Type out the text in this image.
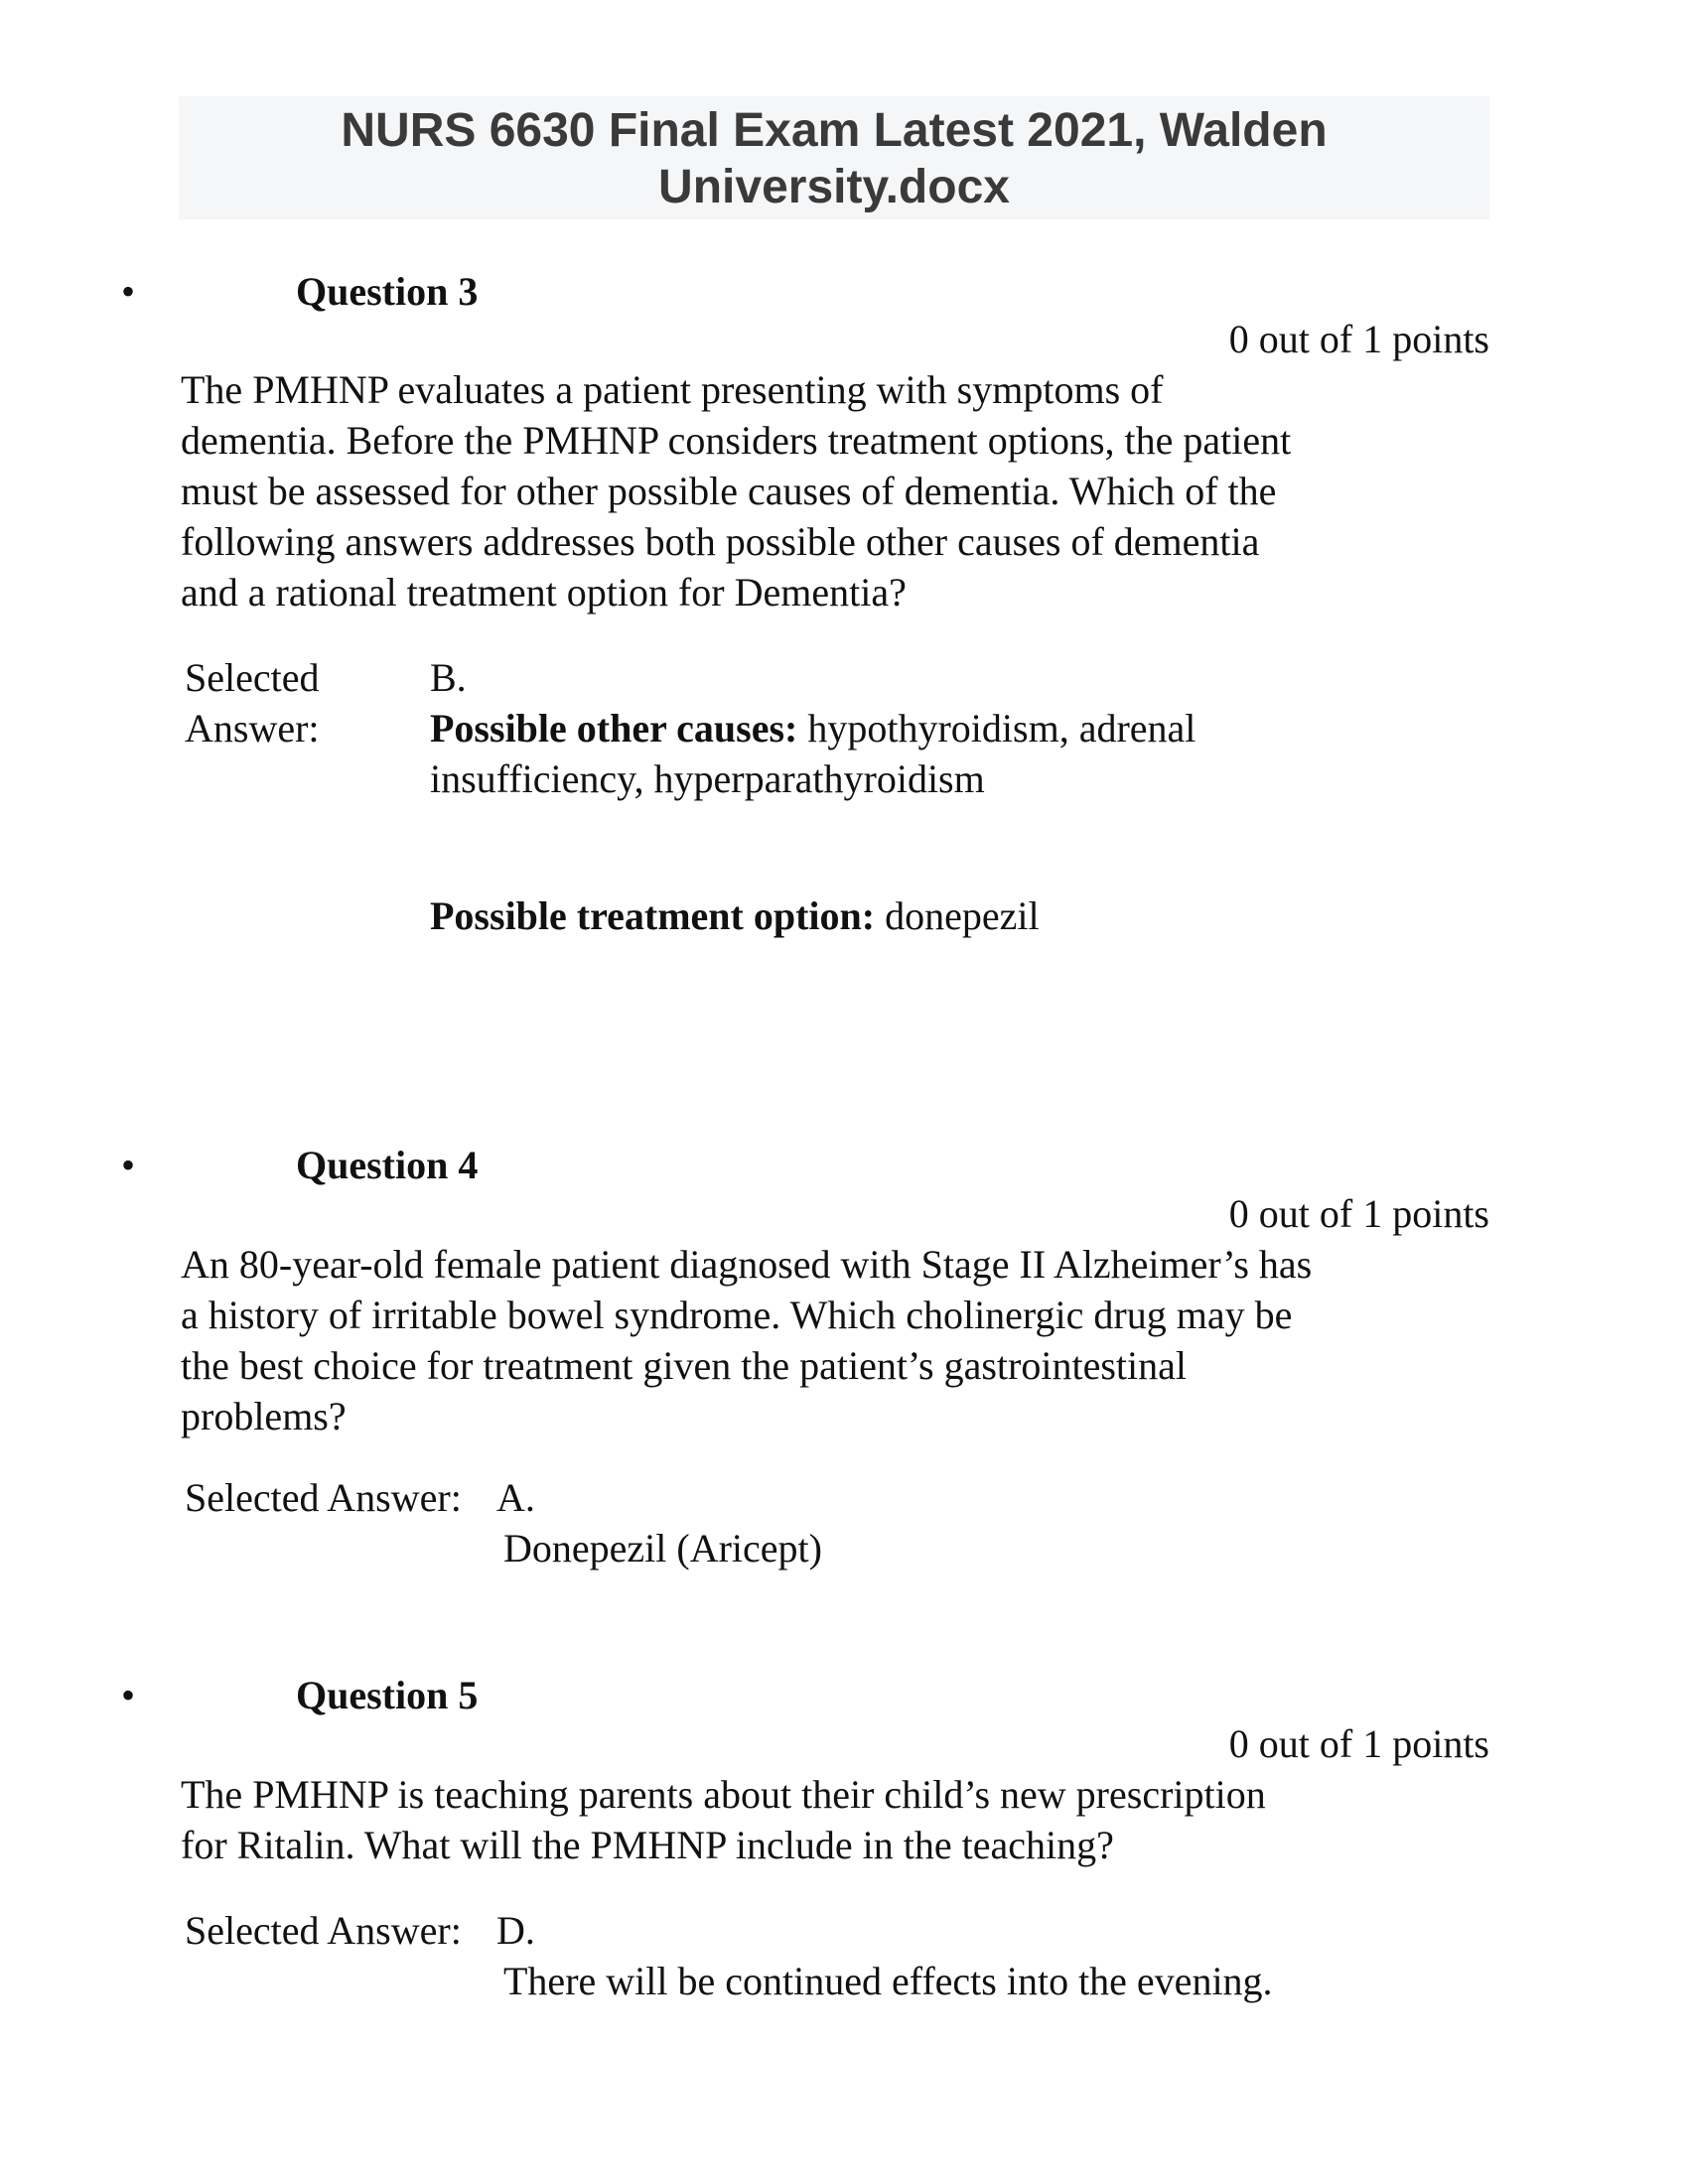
NURS 6630 Final Exam Latest 2021, Walden
University.docx
•	Question 3
0 out of 1 points
The PMHNP evaluates a patient presenting with symptoms of
dementia. Before the PMHNP considers treatment options, the patient
must be assessed for other possible causes of dementia. Which of the
following answers addresses both possible other causes of dementia
and a rational treatment option for Dementia?
Selected
Answer:
B.
Possible other causes: hypothyroidism, adrenal
insufficiency, hyperparathyroidism
Possible treatment option: donepezil
•	Question 4
0 out of 1 points
An 80-year-old female patient diagnosed with Stage II Alzheimer’s has
a history of irritable bowel syndrome. Which cholinergic drug may be
the best choice for treatment given the patient’s gastrointestinal
problems?
Selected Answer: A.
Donepezil (Aricept)
•	Question 5
0 out of 1 points
The PMHNP is teaching parents about their child’s new prescription
for Ritalin. What will the PMHNP include in the teaching?
Selected Answer: D.
There will be continued effects into the evening.
